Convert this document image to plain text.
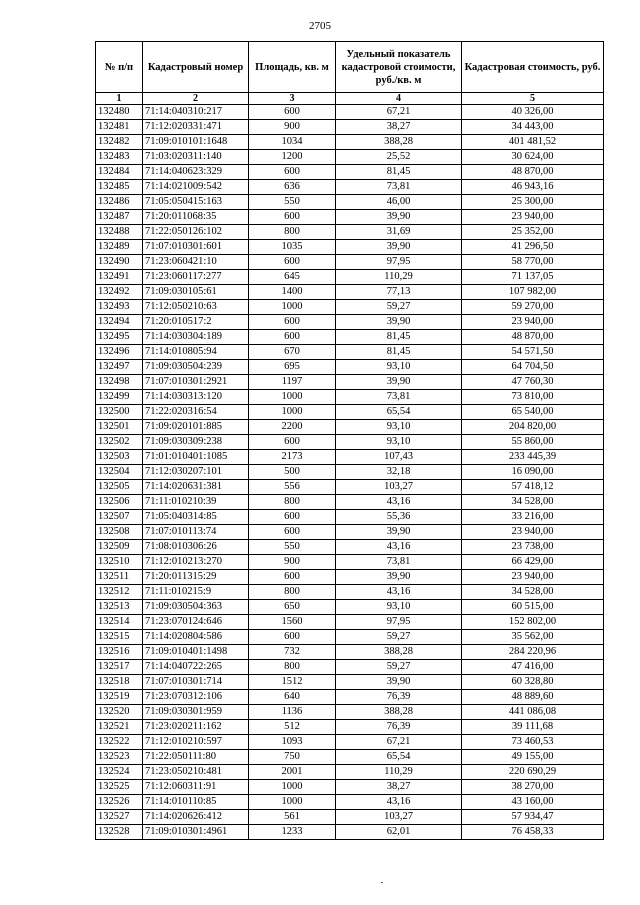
2705
№ п/п	Кадастровый номер	Площадь, кв. м	Удельный показатель кадастровой стоимости, руб./кв. м	Кадастровая стоимость, руб.
1	2	3	4	5
132480	71:14:040310:217	600	67,21	40 326,00
132481	71:12:020331:471	900	38,27	34 443,00
132482	71:09:010101:1648	1034	388,28	401 481,52
132483	71:03:020311:140	1200	25,52	30 624,00
132484	71:14:040623:329	600	81,45	48 870,00
132485	71:14:021009:542	636	73,81	46 943,16
132486	71:05:050415:163	550	46,00	25 300,00
132487	71:20:011068:35	600	39,90	23 940,00
132488	71:22:050126:102	800	31,69	25 352,00
132489	71:07:010301:601	1035	39,90	41 296,50
132490	71:23:060421:10	600	97,95	58 770,00
132491	71:23:060117:277	645	110,29	71 137,05
132492	71:09:030105:61	1400	77,13	107 982,00
132493	71:12:050210:63	1000	59,27	59 270,00
132494	71:20:010517:2	600	39,90	23 940,00
132495	71:14:030304:189	600	81,45	48 870,00
132496	71:14:010805:94	670	81,45	54 571,50
132497	71:09:030504:239	695	93,10	64 704,50
132498	71:07:010301:2921	1197	39,90	47 760,30
132499	71:14:030313:120	1000	73,81	73 810,00
132500	71:22:020316:54	1000	65,54	65 540,00
132501	71:09:020101:885	2200	93,10	204 820,00
132502	71:09:030309:238	600	93,10	55 860,00
132503	71:01:010401:1085	2173	107,43	233 445,39
132504	71:12:030207:101	500	32,18	16 090,00
132505	71:14:020631:381	556	103,27	57 418,12
132506	71:11:010210:39	800	43,16	34 528,00
132507	71:05:040314:85	600	55,36	33 216,00
132508	71:07:010113:74	600	39,90	23 940,00
132509	71:08:010306:26	550	43,16	23 738,00
132510	71:12:010213:270	900	73,81	66 429,00
132511	71:20:011315:29	600	39,90	23 940,00
132512	71:11:010215:9	800	43,16	34 528,00
132513	71:09:030504:363	650	93,10	60 515,00
132514	71:23:070124:646	1560	97,95	152 802,00
132515	71:14:020804:586	600	59,27	35 562,00
132516	71:09:010401:1498	732	388,28	284 220,96
132517	71:14:040722:265	800	59,27	47 416,00
132518	71:07:010301:714	1512	39,90	60 328,80
132519	71:23:070312:106	640	76,39	48 889,60
132520	71:09:030301:959	1136	388,28	441 086,08
132521	71:23:020211:162	512	76,39	39 111,68
132522	71:12:010210:597	1093	67,21	73 460,53
132523	71:22:050111:80	750	65,54	49 155,00
132524	71:23:050210:481	2001	110,29	220 690,29
132525	71:12:060311:91	1000	38,27	38 270,00
132526	71:14:010110:85	1000	43,16	43 160,00
132527	71:14:020626:412	561	103,27	57 934,47
132528	71:09:010301:4961	1233	62,01	76 458,33
